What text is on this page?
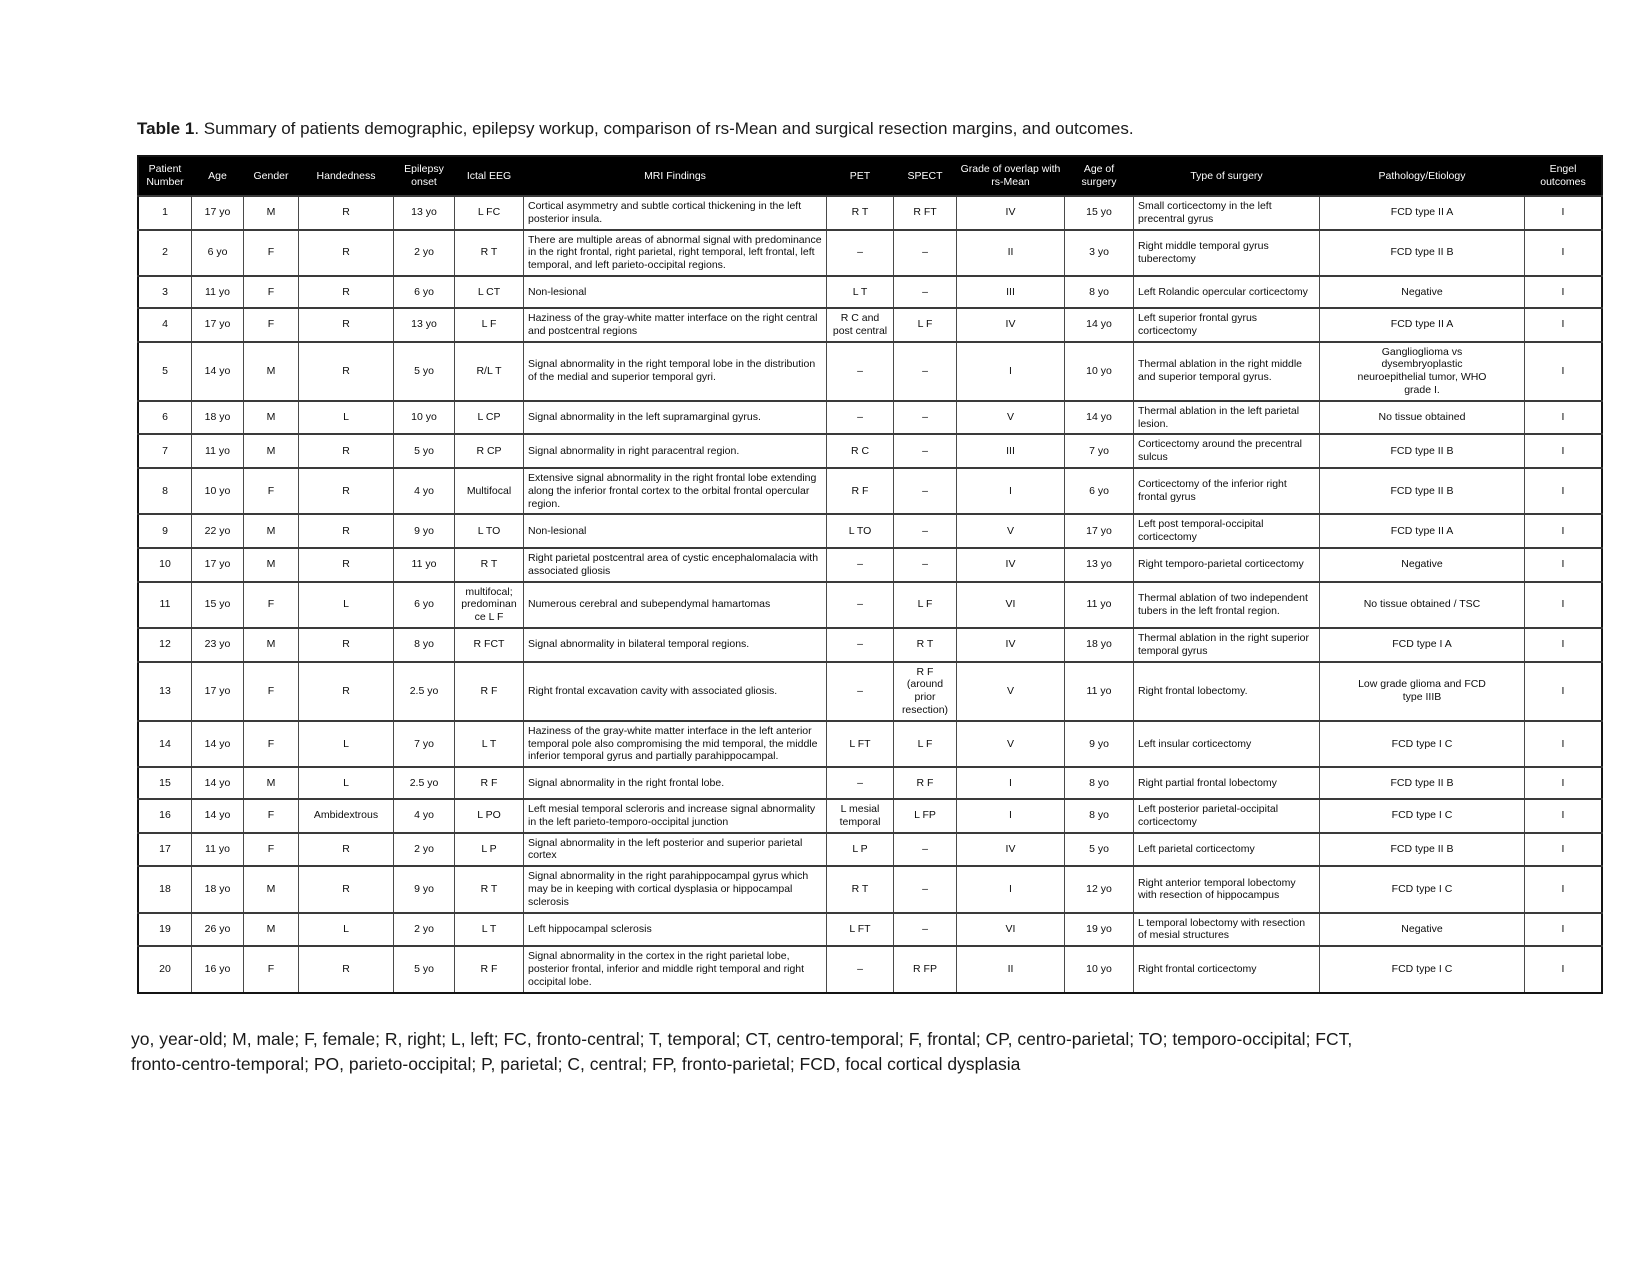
Table 1. Summary of patients demographic, epilepsy workup, comparison of rs-Mean and surgical resection margins, and outcomes.
Patient Number	Age	Gender	Handedness	Epilepsy onset	Ictal EEG	MRI Findings	PET	SPECT	Grade of overlap with rs-Mean	Age of surgery	Type of surgery	Pathology/Etiology	Engel outcomes
1	17 yo	M	R	13 yo	L FC	Cortical asymmetry and subtle cortical thickening in the left posterior insula.	R T	R FT	IV	15 yo	Small corticectomy in the left precentral gyrus	FCD type II A	I
2	6 yo	F	R	2 yo	R T	There are multiple areas of abnormal signal with predominance in the right frontal, right parietal, right temporal, left frontal, left temporal, and left parieto-occipital regions.	–	–	II	3 yo	Right middle temporal gyrus tuberectomy	FCD type II B	I
3	11 yo	F	R	6 yo	L CT	Non-lesional	L T	–	III	8 yo	Left Rolandic opercular corticectomy	Negative	I
4	17 yo	F	R	13 yo	L F	Haziness of the gray-white matter interface on the right central and postcentral regions	R C and post central	L F	IV	14 yo	Left superior frontal gyrus corticectomy	FCD type II A	I
5	14 yo	M	R	5 yo	R/L T	Signal abnormality in the right temporal lobe in the distribution of the medial and superior temporal gyri.	–	–	I	10 yo	Thermal ablation in the right middle and superior temporal gyrus.	Ganglioglioma vs dysembryoplastic neuroepithelial tumor, WHO grade I.	I
6	18 yo	M	L	10 yo	L CP	Signal abnormality in the left supramarginal gyrus.	–	–	V	14 yo	Thermal ablation in the left parietal lesion.	No tissue obtained	I
7	11 yo	M	R	5 yo	R CP	Signal abnormality in right paracentral region.	R C	–	III	7 yo	Corticectomy around the precentral sulcus	FCD type II B	I
8	10 yo	F	R	4 yo	Multifocal	Extensive signal abnormality in the right frontal lobe extending along the inferior frontal cortex to the orbital frontal opercular region.	R F	–	I	6 yo	Corticectomy of the inferior right frontal gyrus	FCD type II B	I
9	22 yo	M	R	9 yo	L TO	Non-lesional	L TO	–	V	17 yo	Left post temporal-occipital corticectomy	FCD type II A	I
10	17 yo	M	R	11 yo	R T	Right parietal postcentral area of cystic encephalomalacia with associated gliosis	–	–	IV	13 yo	Right temporo-parietal corticectomy	Negative	I
11	15 yo	F	L	6 yo	multifocal; predominance L F	Numerous cerebral and subependymal hamartomas	–	L F	VI	11 yo	Thermal ablation of two independent tubers in the left frontal region.	No tissue obtained / TSC	I
12	23 yo	M	R	8 yo	R FCT	Signal abnormality in bilateral temporal regions.	–	R T	IV	18 yo	Thermal ablation in the right superior temporal gyrus	FCD type I A	I
13	17 yo	F	R	2.5 yo	R F	Right frontal excavation cavity with associated gliosis.	–	R F (around prior resection)	V	11 yo	Right frontal lobectomy.	Low grade glioma and FCD type IIIB	I
14	14 yo	F	L	7 yo	L T	Haziness of the gray-white matter interface in the left anterior temporal pole also compromising the mid temporal, the middle inferior temporal gyrus and partially parahippocampal.	L FT	L F	V	9 yo	Left insular corticectomy	FCD type I C	I
15	14 yo	M	L	2.5 yo	R F	Signal abnormality in the right frontal lobe.	–	R F	I	8 yo	Right partial frontal lobectomy	FCD type II B	I
16	14 yo	F	Ambidextrous	4 yo	L PO	Left mesial temporal scleroris and increase signal abnormality in the left parieto-temporo-occipital junction	L mesial temporal	L FP	I	8 yo	Left posterior parietal-occipital corticectomy	FCD type I C	I
17	11 yo	F	R	2 yo	L P	Signal abnormality in the left posterior and superior parietal cortex	L P	–	IV	5 yo	Left parietal corticectomy	FCD type II B	I
18	18 yo	M	R	9 yo	R T	Signal abnormality in the right parahippocampal gyrus which may be in keeping with cortical dysplasia or hippocampal sclerosis	R T	–	I	12 yo	Right anterior temporal lobectomy with resection of hippocampus	FCD type I C	I
19	26 yo	M	L	2 yo	L T	Left hippocampal sclerosis	L FT	–	VI	19 yo	L temporal lobectomy with resection of mesial structures	Negative	I
20	16 yo	F	R	5 yo	R F	Signal abnormality in the cortex in the right parietal lobe, posterior frontal, inferior and middle right temporal and right occipital lobe.	–	R FP	II	10 yo	Right frontal corticectomy	FCD type I C	I
yo, year-old; M, male; F, female; R, right; L, left; FC, fronto-central; T, temporal; CT, centro-temporal; F, frontal; CP, centro-parietal; TO; temporo-occipital; FCT,
fronto-centro-temporal; PO, parieto-occipital; P, parietal; C, central; FP, fronto-parietal; FCD, focal cortical dysplasia
